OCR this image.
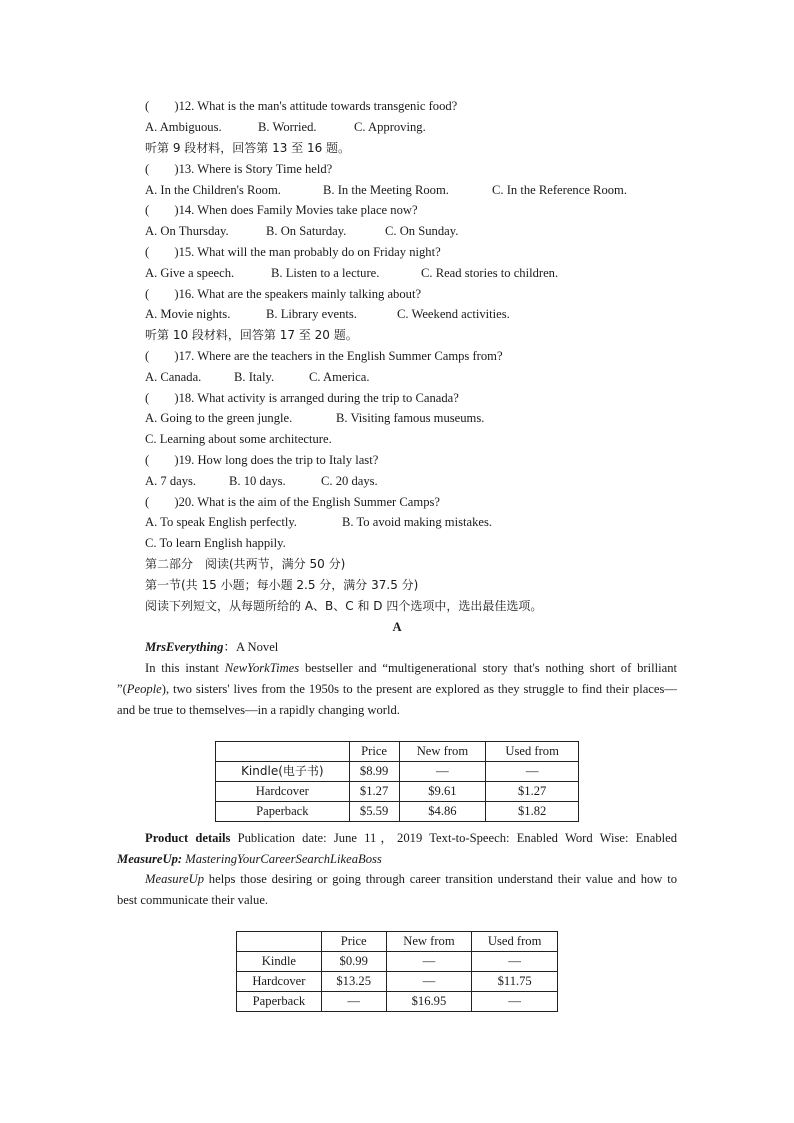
(　　)12. What is the man's attitude towards transgenic food?
A. Ambiguous.	B. Worried.	C. Approving.
听第 9 段材料，回答第 13 至 16 题。
(　　)13. Where is Story Time held?
A. In the Children's Room.	B. In the Meeting Room.	C. In the Reference Room.
(　　)14. When does Family Movies take place now?
A. On Thursday.	B. On Saturday.	C. On Sunday.
(　　)15. What will the man probably do on Friday night?
A. Give a speech.	B. Listen to a lecture.	C. Read stories to children.
(　　)16. What are the speakers mainly talking about?
A. Movie nights.	B. Library events.	C. Weekend activities.
听第 10 段材料，回答第 17 至 20 题。
(　　)17. Where are the teachers in the English Summer Camps from?
A. Canada.	B. Italy.	C. America.
(　　)18. What activity is arranged during the trip to Canada?
A. Going to the green jungle.	B. Visiting famous museums.
C. Learning about some architecture.
(　　)19. How long does the trip to Italy last?
A. 7 days.	B. 10 days.	C. 20 days.
(　　)20. What is the aim of the English Summer Camps?
A. To speak English perfectly.	B. To avoid making mistakes.
C. To learn English happily.
第二部分　阅读(共两节，满分 50 分)
第一节(共 15 小题；每小题 2.5 分，满分 37.5 分)
阅读下列短文，从每题所给的 A、B、C 和 D 四个选项中，选出最佳选项。
A
MrsEverything：A Novel
In this instant NewYorkTimes bestseller and “multigenerational story that's nothing short of brilliant ”(People), two sisters' lives from the 1950s to the present are explored as they struggle to find their places—and be true to themselves—in a rapidly changing world.
	Price	New from	Used from
Kindle(电子书)	$8.99	—	—
Hardcover	$1.27	$9.61	$1.27
Paperback	$5.59	$4.86	$1.82
Product details Publication date: June 11，2019 Text-to-Speech: Enabled Word Wise: Enabled MeasureUp: MasteringYourCareerSearchLikeaBoss
MeasureUp helps those desiring or going through career transition understand their value and how to best communicate their value.
	Price	New from	Used from
Kindle	$0.99	—	—
Hardcover	$13.25	—	$11.75
Paperback	—	$16.95	—
